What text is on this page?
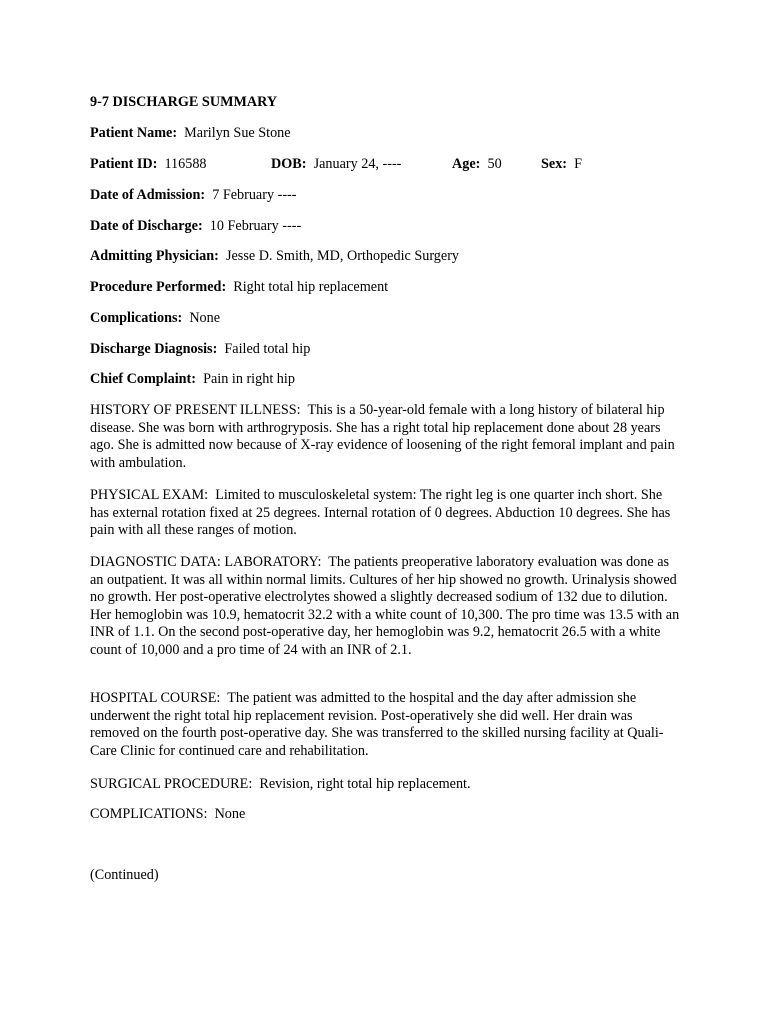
9-7 DISCHARGE SUMMARY
Patient Name: Marilyn Sue Stone
Patient ID: 116588	DOB: January 24, ----	Age: 50	Sex: F
Date of Admission: 7 February ----
Date of Discharge: 10 February ----
Admitting Physician: Jesse D. Smith, MD, Orthopedic Surgery
Procedure Performed: Right total hip replacement
Complications: None
Discharge Diagnosis: Failed total hip
Chief Complaint: Pain in right hip
HISTORY OF PRESENT ILLNESS: This is a 50-year-old female with a long history of bilateral hip disease. She was born with arthrogryposis. She has a right total hip replacement done about 28 years ago. She is admitted now because of X-ray evidence of loosening of the right femoral implant and pain with ambulation.
PHYSICAL EXAM: Limited to musculoskeletal system: The right leg is one quarter inch short. She has external rotation fixed at 25 degrees. Internal rotation of 0 degrees. Abduction 10 degrees. She has pain with all these ranges of motion.
DIAGNOSTIC DATA: LABORATORY: The patients preoperative laboratory evaluation was done as an outpatient. It was all within normal limits. Cultures of her hip showed no growth. Urinalysis showed no growth. Her post-operative electrolytes showed a slightly decreased sodium of 132 due to dilution. Her hemoglobin was 10.9, hematocrit 32.2 with a white count of 10,300. The pro time was 13.5 with an INR of 1.1. On the second post-operative day, her hemoglobin was 9.2, hematocrit 26.5 with a white count of 10,000 and a pro time of 24 with an INR of 2.1.
HOSPITAL COURSE: The patient was admitted to the hospital and the day after admission she underwent the right total hip replacement revision. Post-operatively she did well. Her drain was removed on the fourth post-operative day. She was transferred to the skilled nursing facility at Quali-Care Clinic for continued care and rehabilitation.
SURGICAL PROCEDURE: Revision, right total hip replacement.
COMPLICATIONS: None
(Continued)
